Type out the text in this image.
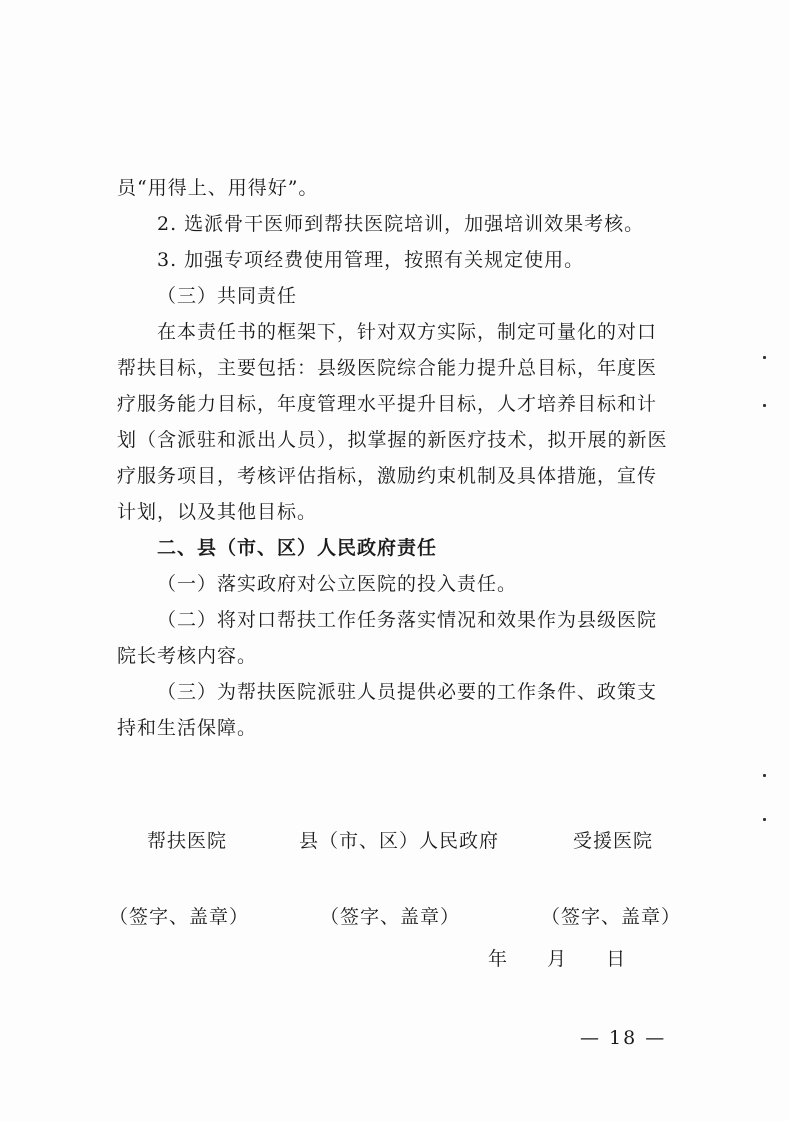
员“用得上、用得好”。
2. 选派骨干医师到帮扶医院培训，加强培训效果考核。
3. 加强专项经费使用管理，按照有关规定使用。
（三）共同责任
在本责任书的框架下，针对双方实际，制定可量化的对口
帮扶目标，主要包括：县级医院综合能力提升总目标，年度医
疗服务能力目标，年度管理水平提升目标，人才培养目标和计
划（含派驻和派出人员），拟掌握的新医疗技术，拟开展的新医
疗服务项目，考核评估指标，激励约束机制及具体措施，宣传
计划，以及其他目标。
二、县（市、区）人民政府责任
（一）落实政府对公立医院的投入责任。
（二）将对口帮扶工作任务落实情况和效果作为县级医院
院长考核内容。
（三）为帮扶医院派驻人员提供必要的工作条件、政策支
持和生活保障。
帮扶医院	县（市、区）人民政府	受援医院
（签字、盖章）	（签字、盖章）	（签字、盖章）
年 月 日
— 18 —
